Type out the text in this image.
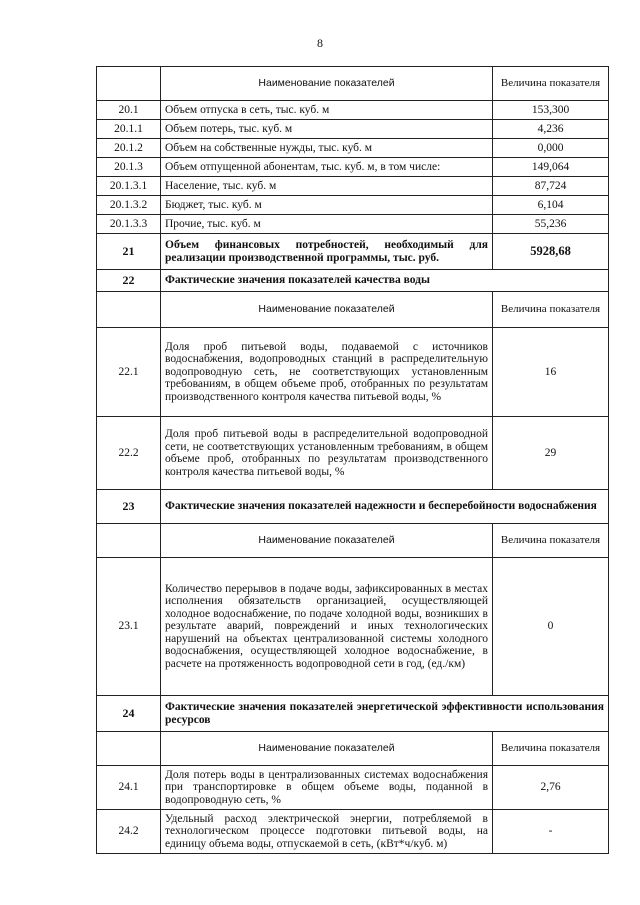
8
	Наименование показателей	Величина показателя
20.1	Объем отпуска в сеть, тыс. куб. м	153,300
20.1.1	Объем потерь, тыс. куб. м	4,236
20.1.2	Объем на собственные нужды, тыс. куб. м	0,000
20.1.3	Объем отпущенной абонентам, тыс. куб. м, в том числе:	149,064
20.1.3.1	Население, тыс. куб. м	87,724
20.1.3.2	Бюджет, тыс. куб. м	6,104
20.1.3.3	Прочие, тыс. куб. м	55,236
21	Объем финансовых потребностей, необходимый для реализации производственной программы, тыс. руб.	5928,68
22	Фактические значения показателей качества воды	
	Наименование показателей	Величина показателя
22.1	Доля проб питьевой воды, подаваемой с источников водоснабжения, водопроводных станций в распределительную водопроводную сеть, не соответствующих установленным требованиям, в общем объеме проб, отобранных по результатам производственного контроля качества питьевой воды, %	16
22.2	Доля проб питьевой воды в распределительной водопроводной сети, не соответствующих установленным требованиям, в общем объеме проб, отобранных по результатам производственного контроля качества питьевой воды, %	29
23	Фактические значения показателей надежности и бесперебойности водоснабжения	
	Наименование показателей	Величина показателя
23.1	Количество перерывов в подаче воды, зафиксированных в местах исполнения обязательств организацией, осуществляющей холодное водоснабжение, по подаче холодной воды, возникших в результате аварий, повреждений и иных технологических нарушений на объектах централизованной системы холодного водоснабжения, осуществляющей холодное водоснабжение, в расчете на протяженность водопроводной сети в год, (ед./км)	0
24	Фактические значения показателей энергетической эффективности использования ресурсов	
	Наименование показателей	Величина показателя
24.1	Доля потерь воды в централизованных системах водоснабжения при транспортировке в общем объеме воды, поданной в водопроводную сеть, %	2,76
24.2	Удельный расход электрической энергии, потребляемой в технологическом процессе подготовки питьевой воды, на единицу объема воды, отпускаемой в сеть, (кВт*ч/куб. м)	-
